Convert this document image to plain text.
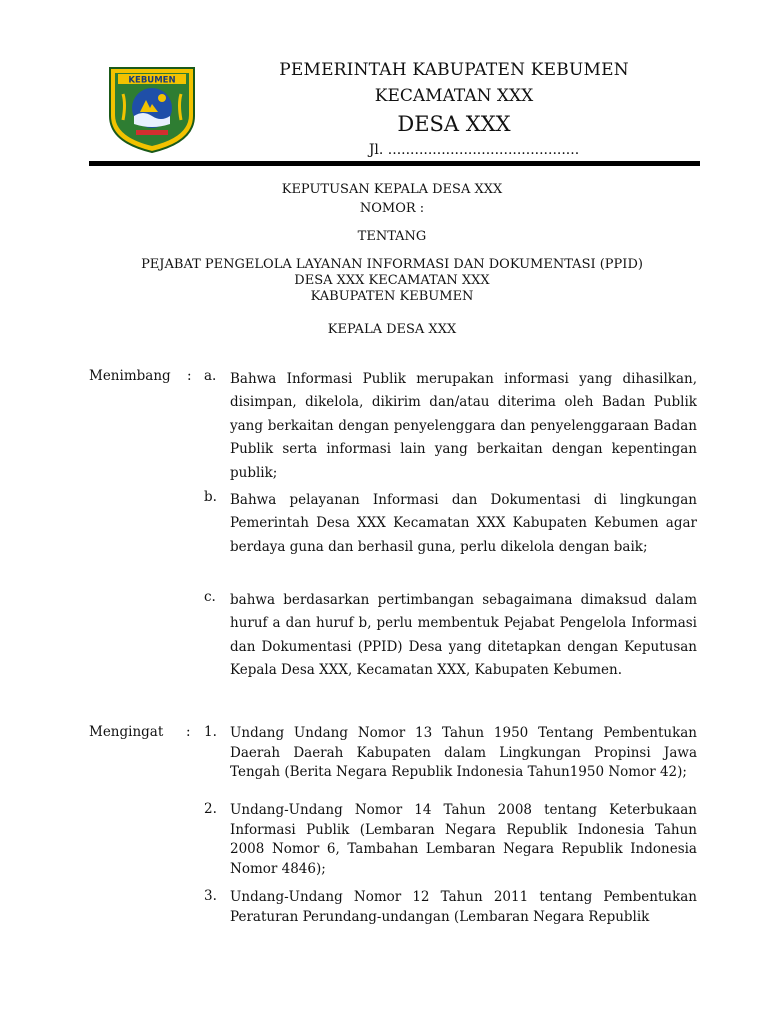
KEBUMEN
PEMERINTAH KABUPATEN KEBUMEN
KECAMATAN XXX
DESA XXX
Jl. ...........................................
KEPUTUSAN KEPALA DESA XXX
NOMOR :
TENTANG
PEJABAT PENGELOLA LAYANAN INFORMASI DAN DOKUMENTASI (PPID)
DESA XXX KECAMATAN XXX
KABUPATEN KEBUMEN
KEPALA DESA XXX
Menimbang : a. Bahwa Informasi Publik merupakan informasi yang dihasilkan, disimpan, dikelola, dikirim dan/atau diterima oleh Badan Publik yang berkaitan dengan penyelenggara dan penyelenggaraan Badan Publik serta informasi lain yang berkaitan dengan kepentingan publik;
b. Bahwa pelayanan Informasi dan Dokumentasi di lingkungan Pemerintah Desa XXX Kecamatan XXX Kabupaten Kebumen agar berdaya guna dan berhasil guna, perlu dikelola dengan baik;
c. bahwa berdasarkan pertimbangan sebagaimana dimaksud dalam huruf a dan huruf b, perlu membentuk Pejabat Pengelola Informasi dan Dokumentasi (PPID) Desa yang ditetapkan dengan Keputusan Kepala Desa XXX, Kecamatan XXX, Kabupaten Kebumen.
Mengingat : 1. Undang Undang Nomor 13 Tahun 1950 Tentang Pembentukan Daerah Daerah Kabupaten dalam Lingkungan Propinsi Jawa Tengah (Berita Negara Republik Indonesia Tahun1950 Nomor 42);
2. Undang-Undang Nomor 14 Tahun 2008 tentang Keterbukaan Informasi Publik (Lembaran Negara Republik Indonesia Tahun 2008 Nomor 6, Tambahan Lembaran Negara Republik Indonesia Nomor 4846);
3. Undang-Undang Nomor 12 Tahun 2011 tentang Pembentukan Peraturan Perundang-undangan (Lembaran Negara Republik
